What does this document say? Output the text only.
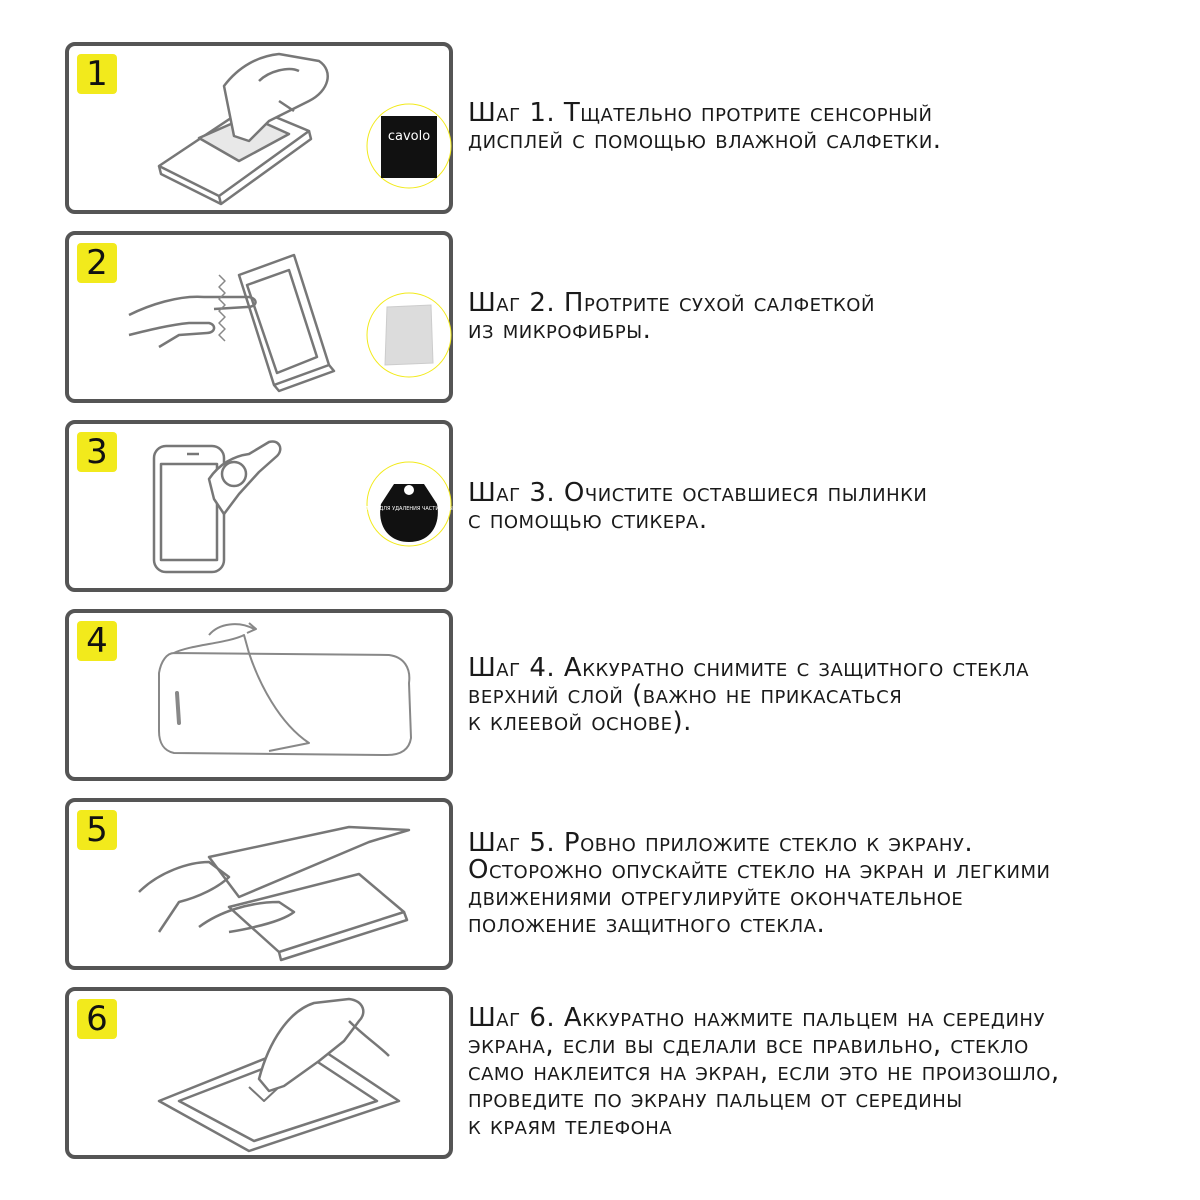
cavolo
1

Шаг 1. Тщательно протрите сенсорный
дисплей с помощью влажной салфетки.

2

Шаг 2. Протрите сухой салфеткой
из микрофибры.

СТИКЕР ДЛЯ УДАЛЕНИЯ ЧАСТИЦ ПЫЛИ
3

Шаг 3. Очистите оставшиеся пылинки
с помощью стикера.

4

Шаг 4. Аккуратно снимите с защитного стекла
верхний слой (важно не прикасаться
к клеевой основе).

5	Шаг 5. Ровно приложите стекло к экрану.
Осторожно опускайте стекло на экран и легкими
движениями отрегулируйте окончательное
положение защитного стекла.

6	Шаг 6. Аккуратно нажмите пальцем на середину
экрана, если вы сделали все правильно, стекло
само наклеится на экран, если это не произошло,
проведите по экрану пальцем от середины
к краям телефона
